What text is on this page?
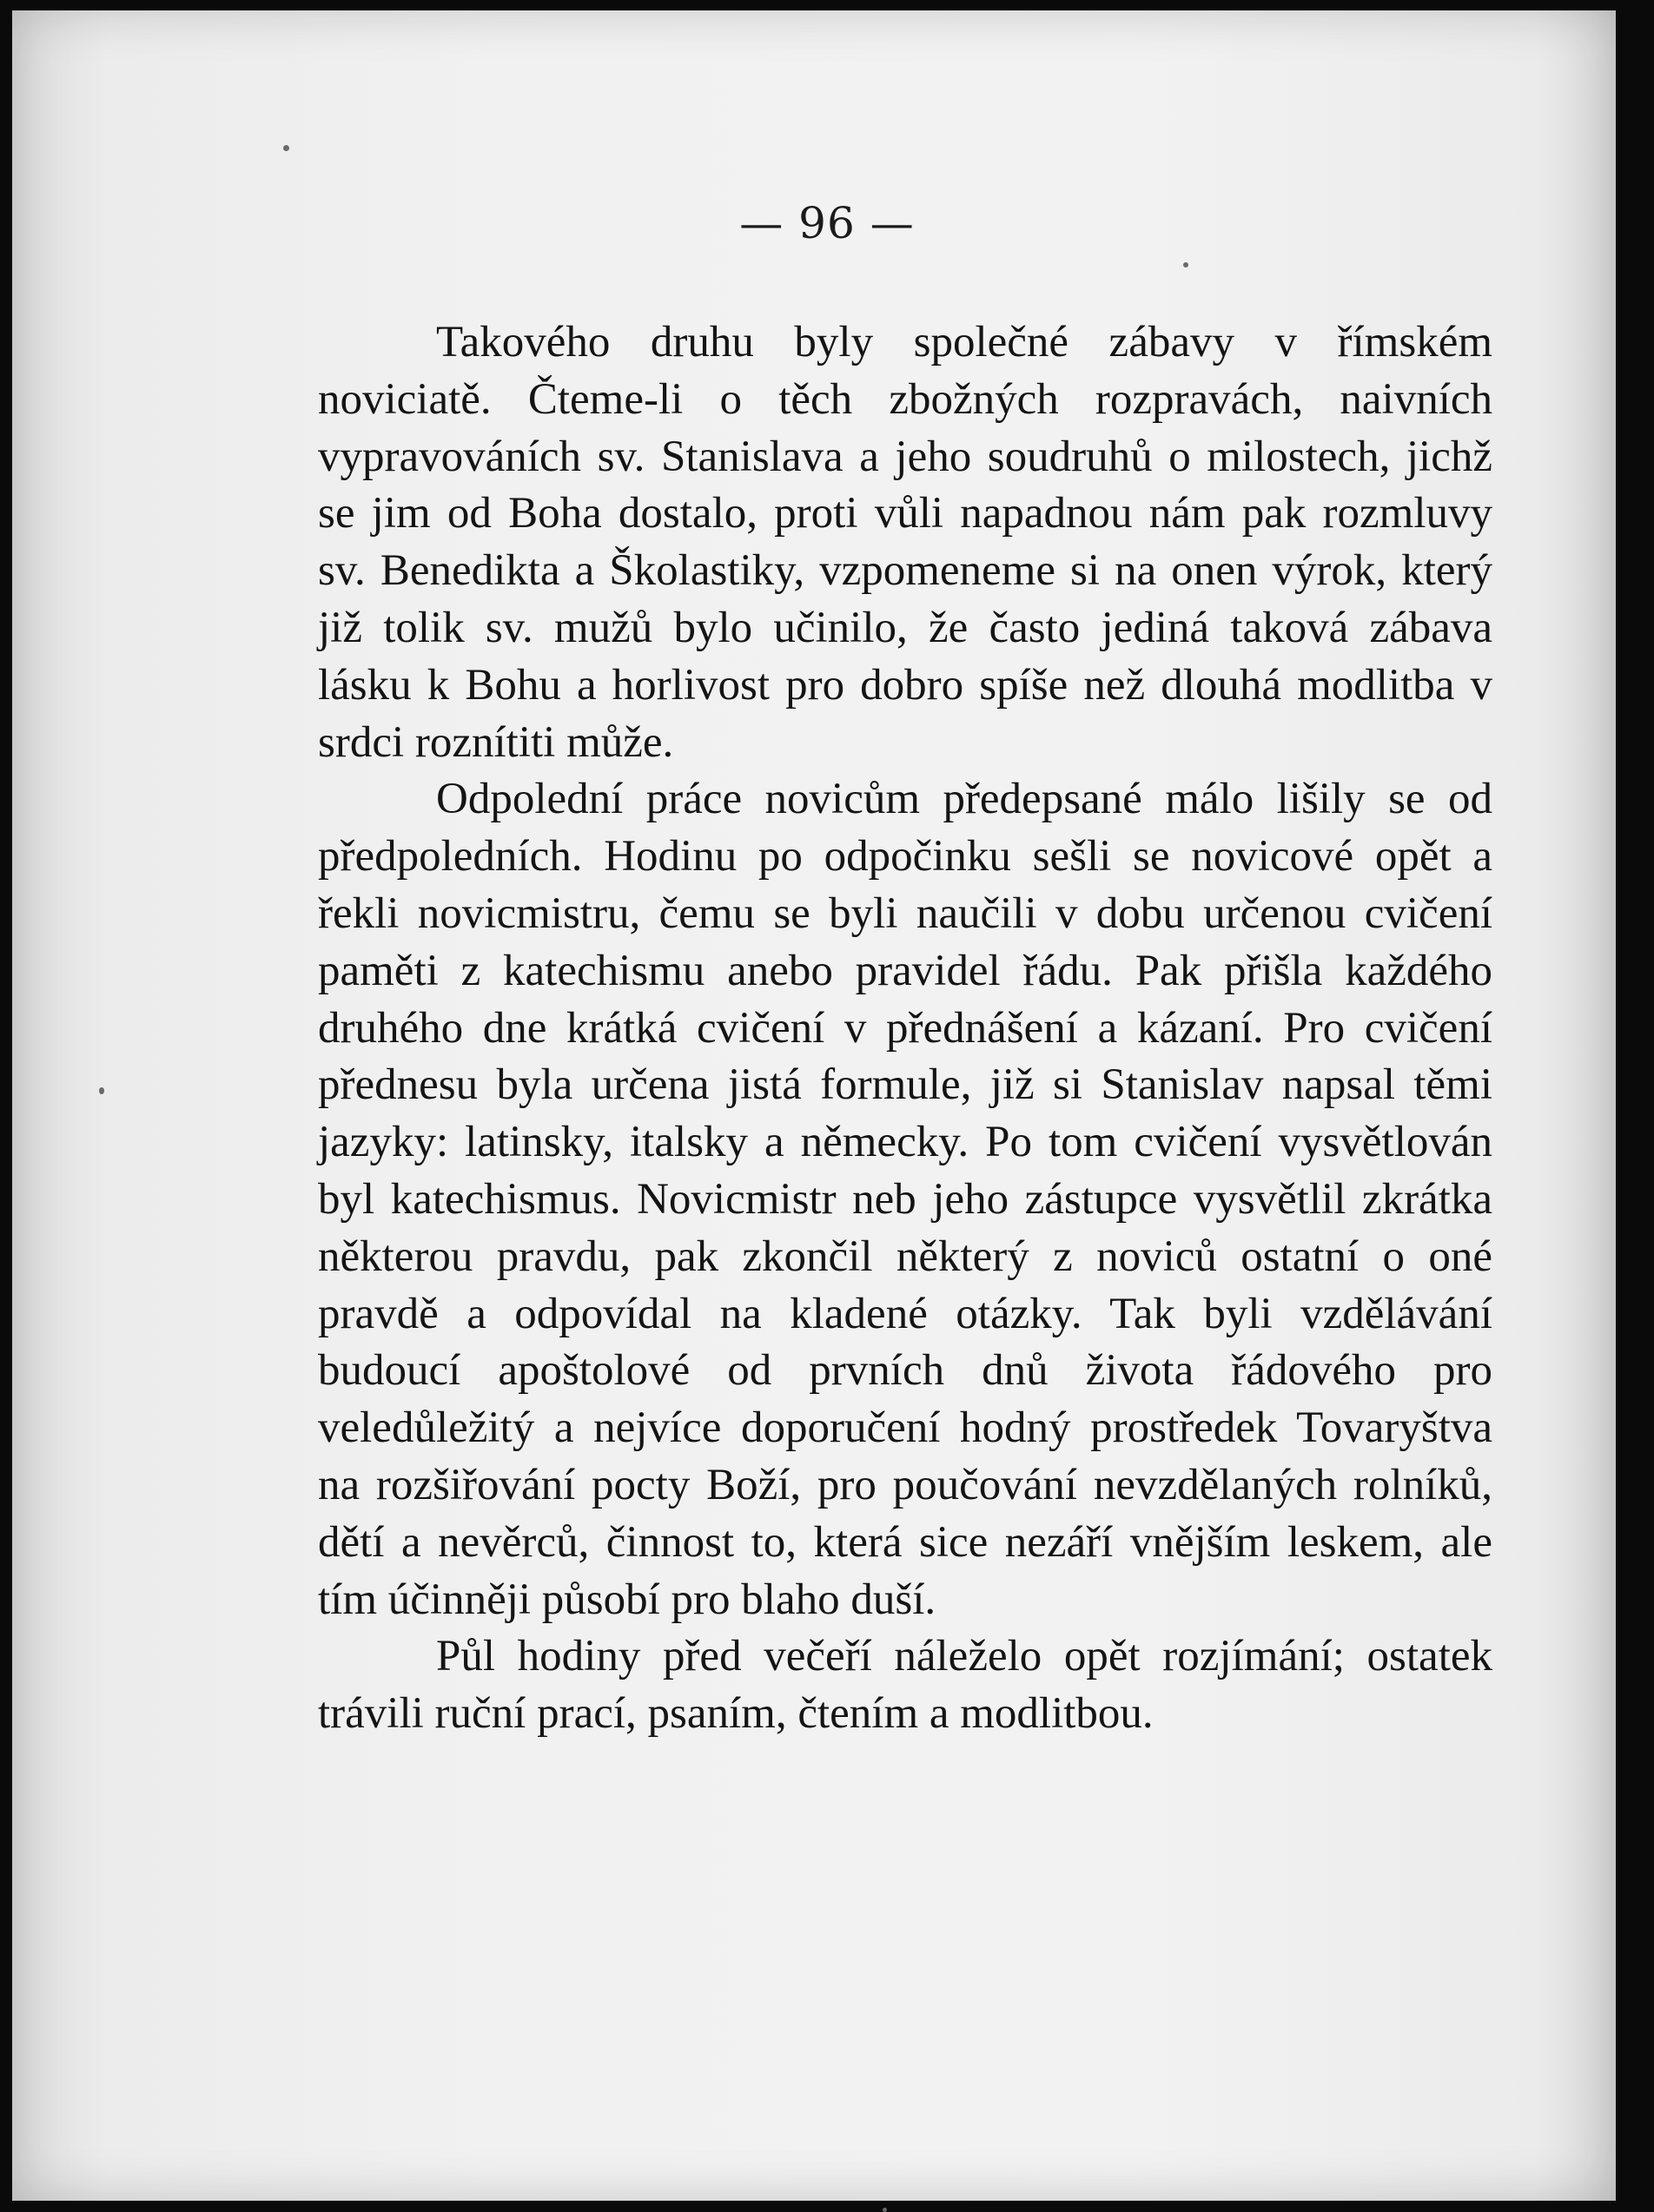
— 96 —

Takového druhu byly společné zábavy v římském noviciatě. Čteme-li o těch zbožných rozpravách, naivních vypravováních sv. Stanislava a jeho soudruhů o milostech, jichž se jim od Boha dostalo, proti vůli napadnou nám pak rozmluvy sv. Benedikta a Školastiky, vzpomeneme si na onen výrok, který již tolik sv. mužů bylo učinilo, že často jediná taková zábava lásku k Bohu a horlivost pro dobro spíše než dlouhá modlitba v srdci roznítiti může.

Odpolední práce novicům předepsané málo lišily se od předpoledních. Hodinu po odpočinku sešli se novicové opět a řekli novicmistru, čemu se byli naučili v dobu určenou cvičení paměti z katechismu anebo pravidel řádu. Pak přišla každého druhého dne krátká cvičení v přednášení a kázaní. Pro cvičení přednesu byla určena jistá formule, již si Stanislav napsal těmi jazyky: latinsky, italsky a německy. Po tom cvičení vysvětlován byl katechismus. Novicmistr neb jeho zástupce vysvětlil zkrátka některou pravdu, pak zkončil některý z noviců ostatní o oné pravdě a odpovídal na kladené otázky. Tak byli vzdělávání budoucí apoštolové od prvních dnů života řádového pro veledůležitý a nejvíce doporučení hodný prostředek Tovaryštva na rozšiřování pocty Boží, pro poučování nevzdělaných rolníků, dětí a nevěrců, činnost to, která sice nezáří vnějším leskem, ale tím účinněji působí pro blaho duší.

Půl hodiny před večeří náleželo opět rozjímání; ostatek trávili ruční prací, psaním, čtením a modlitbou.
